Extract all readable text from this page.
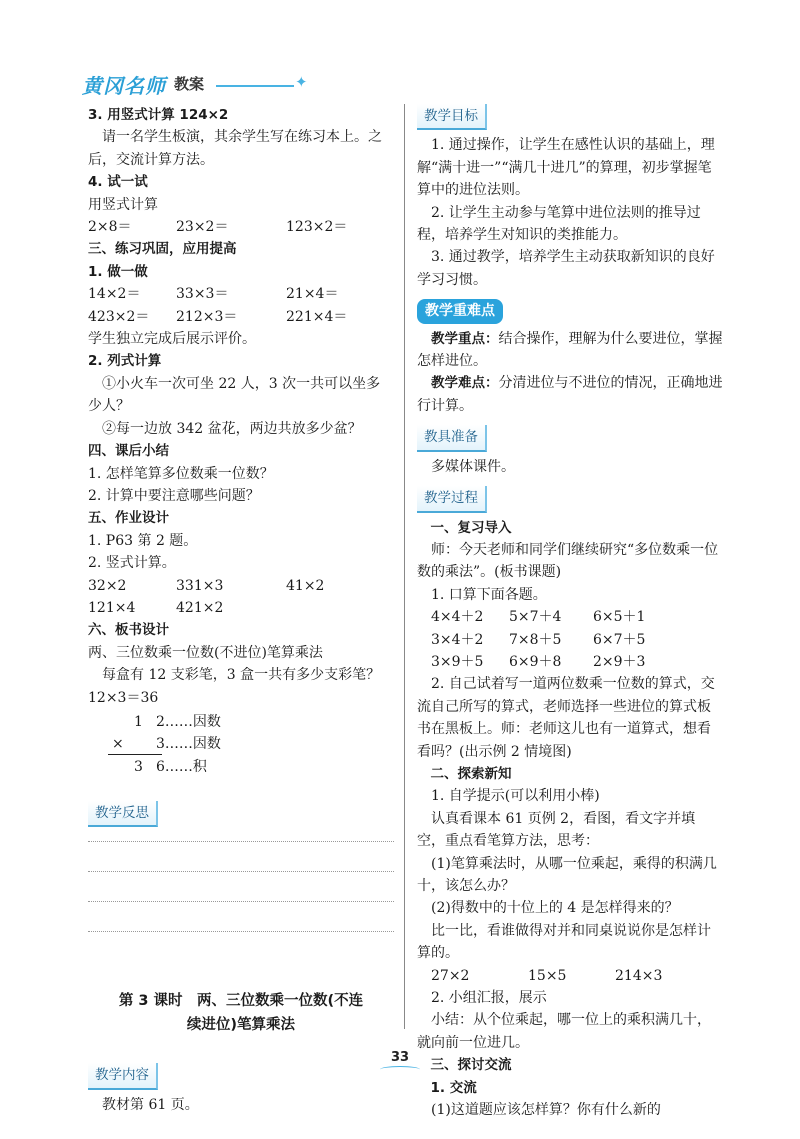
黄冈名师 教案	✦

3. 用竖式计算 124×2

请一名学生板演，其余学生写在练习本上。之后，交流计算方法。

4. 试一试

用竖式计算

2×8＝	23×2＝	123×2＝

三、练习巩固，应用提高

1. 做一做

14×2＝	33×3＝	21×4＝
423×2＝	212×3＝	221×4＝

学生独立完成后展示评价。

2. 列式计算

①小火车一次可坐 22 人，3 次一共可以坐多少人？

②每一边放 342 盆花，两边共放多少盆？

四、课后小结

1. 怎样笔算多位数乘一位数？

2. 计算中要注意哪些问题？

五、作业设计

1. P63 第 2 题。

2. 竖式计算。

32×2	331×3	41×2
121×4	421×2

六、板书设计

两、三位数乘一位数(不进位)笔算乘法

每盒有 12 支彩笔，3 盒一共有多少支彩笔？

12×3＝36

1 2……因数
× 3……因数
3 6……积
教学反思
第 3 课时　两、三位数乘一位数(不连
续进位)笔算乘法
教学内容

教材第 61 页。

教学目标

1. 通过操作，让学生在感性认识的基础上，理解“满十进一”“满几十进几”的算理，初步掌握笔算中的进位法则。

2. 让学生主动参与笔算中进位法则的推导过程，培养学生对知识的类推能力。

3. 通过教学，培养学生主动获取新知识的良好学习习惯。

教学重难点

教学重点：结合操作，理解为什么要进位，掌握怎样进位。

教学难点：分清进位与不进位的情况，正确地进行计算。

教具准备

多媒体课件。

教学过程

一、复习导入

师：今天老师和同学们继续研究“多位数乘一位数的乘法”。(板书课题)

1. 口算下面各题。

4×4＋2	5×7＋4	6×5＋1
3×4＋2	7×8＋5	6×7＋5
3×9＋5	6×9＋8	2×9＋3

2. 自己试着写一道两位数乘一位数的算式，交流自己所写的算式，老师选择一些进位的算式板书在黑板上。师：老师这儿也有一道算式，想看看吗？(出示例 2 情境图)

二、探索新知

1. 自学提示(可以利用小棒)

认真看课本 61 页例 2，看图，看文字并填空，重点看笔算方法，思考：

(1)笔算乘法时，从哪一位乘起，乘得的积满几十，该怎么办？

(2)得数中的十位上的 4 是怎样得来的？

比一比，看谁做得对并和同桌说说你是怎样计算的。

27×2	15×5	214×3

2. 小组汇报，展示

小结：从个位乘起，哪一位上的乘积满几十，就向前一位进几。

三、探讨交流

1. 交流

(1)这道题应该怎样算？你有什么新的

33
